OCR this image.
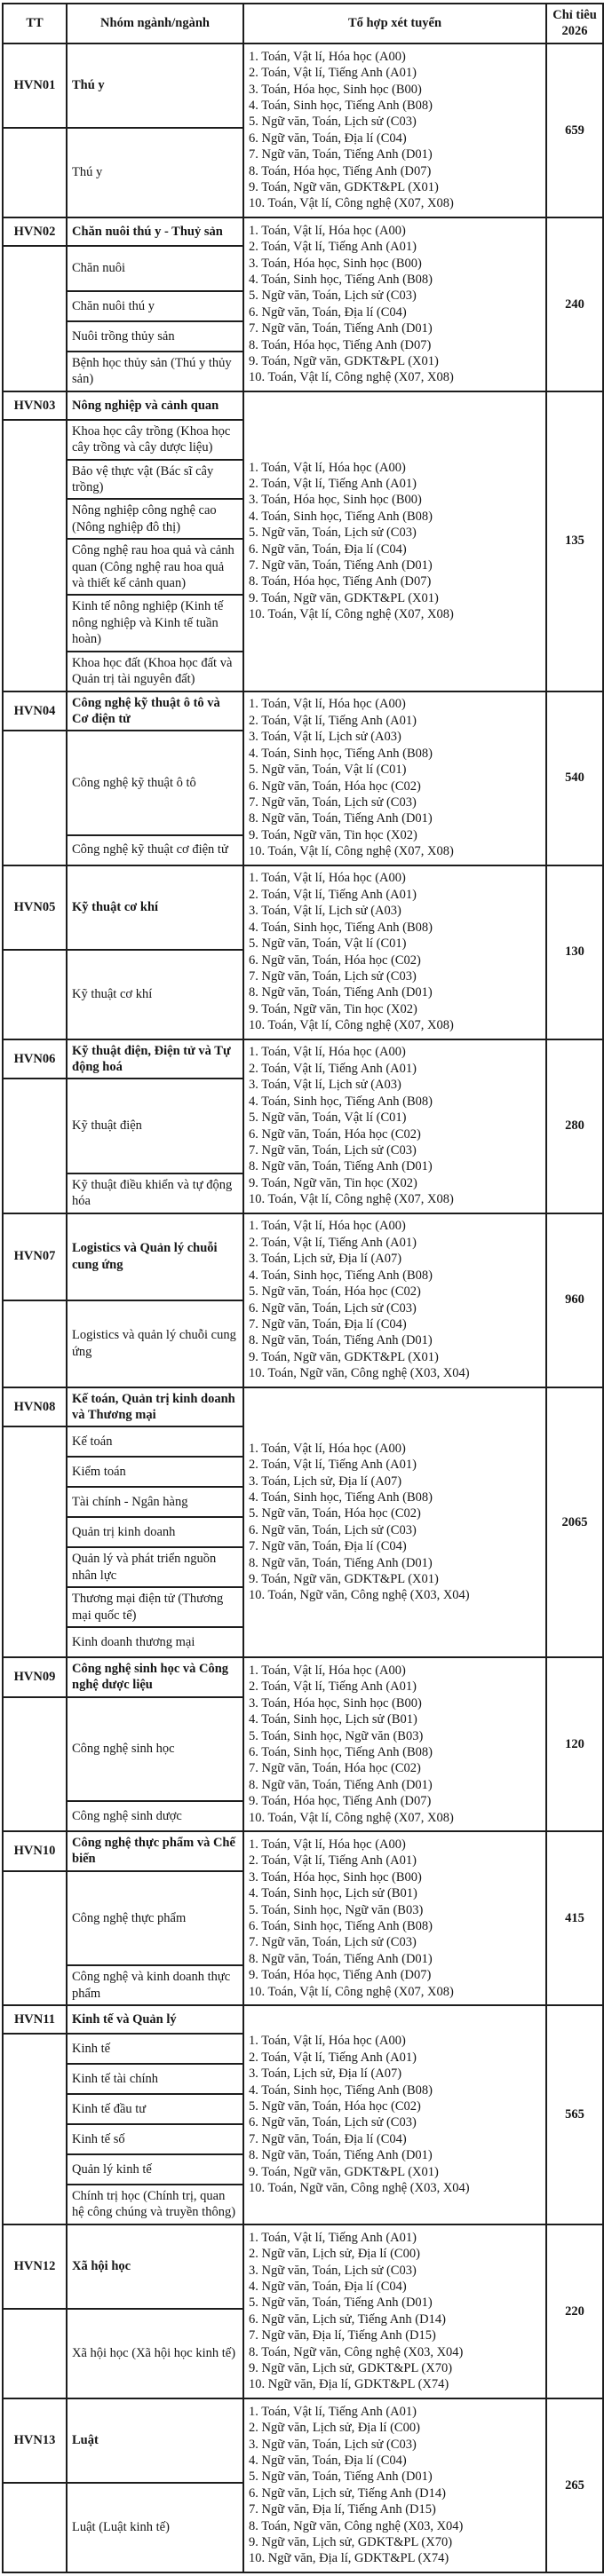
TT	Nhóm ngành/ngành	Tổ hợp xét tuyển	Chỉ tiêu 2026
HVN01	Thú y	
1. Toán, Vật lí, Hóa học (A00)
2. Toán, Vật lí, Tiếng Anh (A01)
3. Toán, Hóa học, Sinh học (B00)
4. Toán, Sinh học, Tiếng Anh (B08)
5. Ngữ văn, Toán, Lịch sử (C03)
6. Ngữ văn, Toán, Địa lí (C04)
7. Ngữ văn, Toán, Tiếng Anh (D01)
8. Toán, Hóa học, Tiếng Anh (D07)
9. Toán, Ngữ văn, GDKT&PL (X01)
10. Toán, Vật lí, Công nghệ (X07, X08)
	659
	Thú y		
HVN02	Chăn nuôi thú y - Thuỷ sản	1. Toán, Vật lí, Hóa học (A00)
2. Toán, Vật lí, Tiếng Anh (A01)
3. Toán, Hóa học, Sinh học (B00)
4. Toán, Sinh học, Tiếng Anh (B08)
5. Ngữ văn, Toán, Lịch sử (C03)
6. Ngữ văn, Toán, Địa lí (C04)
7. Ngữ văn, Toán, Tiếng Anh (D01)
8. Toán, Hóa học, Tiếng Anh (D07)
9. Toán, Ngữ văn, GDKT&PL (X01)
10. Toán, Vật lí, Công nghệ (X07, X08)
	240
	Chăn nuôi		
	Chăn nuôi thú y		
	Nuôi trồng thủy sản		
	Bệnh học thủy sản (Thú y thủy sản)		
HVN03	Nông nghiệp và cảnh quan	
1. Toán, Vật lí, Hóa học (A00)
2. Toán, Vật lí, Tiếng Anh (A01)
3. Toán, Hóa học, Sinh học (B00)
4. Toán, Sinh học, Tiếng Anh (B08)
5. Ngữ văn, Toán, Lịch sử (C03)
6. Ngữ văn, Toán, Địa lí (C04)
7. Ngữ văn, Toán, Tiếng Anh (D01)
8. Toán, Hóa học, Tiếng Anh (D07)
9. Toán, Ngữ văn, GDKT&PL (X01)
10. Toán, Vật lí, Công nghệ (X07, X08)
	135
	Khoa học cây trồng (Khoa học cây trồng và cây dược liệu)		
	Bảo vệ thực vật (Bác sĩ cây trồng)		
	Nông nghiệp công nghệ cao (Nông nghiệp đô thị)		
	Công nghệ rau hoa quả và cảnh quan (Công nghệ rau hoa quả và thiết kế cảnh quan)		
	Kinh tế nông nghiệp (Kinh tế nông nghiệp và Kinh tế tuần hoàn)		
	Khoa học đất (Khoa học đất và Quản trị tài nguyên đất)		
HVN04	Công nghệ kỹ thuật ô tô và Cơ điện tử	
1. Toán, Vật lí, Hóa học (A00)
2. Toán, Vật lí, Tiếng Anh (A01)
3. Toán, Vật lí, Lịch sử (A03)
4. Toán, Sinh học, Tiếng Anh (B08)
5. Ngữ văn, Toán, Vật lí (C01)
6. Ngữ văn, Toán, Hóa học (C02)
7. Ngữ văn, Toán, Lịch sử (C03)
8. Ngữ văn, Toán, Tiếng Anh (D01)
9. Toán, Ngữ văn, Tin học (X02)
10. Toán, Vật lí, Công nghệ (X07, X08)
	540
	Công nghệ kỹ thuật ô tô		
	Công nghệ kỹ thuật cơ điện tử		
HVN05	Kỹ thuật cơ khí	
1. Toán, Vật lí, Hóa học (A00)
2. Toán, Vật lí, Tiếng Anh (A01)
3. Toán, Vật lí, Lịch sử (A03)
4. Toán, Sinh học, Tiếng Anh (B08)
5. Ngữ văn, Toán, Vật lí (C01)
6. Ngữ văn, Toán, Hóa học (C02)
7. Ngữ văn, Toán, Lịch sử (C03)
8. Ngữ văn, Toán, Tiếng Anh (D01)
9. Toán, Ngữ văn, Tin học (X02)
10. Toán, Vật lí, Công nghệ (X07, X08)
	130
	Kỹ thuật cơ khí		
HVN06	Kỹ thuật điện, Điện tử và Tự động hoá	
1. Toán, Vật lí, Hóa học (A00)
2. Toán, Vật lí, Tiếng Anh (A01)
3. Toán, Vật lí, Lịch sử (A03)
4. Toán, Sinh học, Tiếng Anh (B08)
5. Ngữ văn, Toán, Vật lí (C01)
6. Ngữ văn, Toán, Hóa học (C02)
7. Ngữ văn, Toán, Lịch sử (C03)
8. Ngữ văn, Toán, Tiếng Anh (D01)
9. Toán, Ngữ văn, Tin học (X02)
10. Toán, Vật lí, Công nghệ (X07, X08)
	280
	Kỹ thuật điện		
	Kỹ thuật điều khiển và tự động hóa		
HVN07	Logistics và Quản lý chuỗi cung ứng	
1. Toán, Vật lí, Hóa học (A00)
2. Toán, Vật lí, Tiếng Anh (A01)
3. Toán, Lịch sử, Địa lí (A07)
4. Toán, Sinh học, Tiếng Anh (B08)
5. Ngữ văn, Toán, Hóa học (C02)
6. Ngữ văn, Toán, Lịch sử (C03)
7. Ngữ văn, Toán, Địa lí (C04)
8. Ngữ văn, Toán, Tiếng Anh (D01)
9. Toán, Ngữ văn, GDKT&PL (X01)
10. Toán, Ngữ văn, Công nghệ (X03, X04)
	960
	Logistics và quản lý chuỗi cung ứng		
HVN08	Kế toán, Quản trị kinh doanh và Thương mại	
1. Toán, Vật lí, Hóa học (A00)
2. Toán, Vật lí, Tiếng Anh (A01)
3. Toán, Lịch sử, Địa lí (A07)
4. Toán, Sinh học, Tiếng Anh (B08)
5. Ngữ văn, Toán, Hóa học (C02)
6. Ngữ văn, Toán, Lịch sử (C03)
7. Ngữ văn, Toán, Địa lí (C04)
8. Ngữ văn, Toán, Tiếng Anh (D01)
9. Toán, Ngữ văn, GDKT&PL (X01)
10. Toán, Ngữ văn, Công nghệ (X03, X04)
	2065
	Kế toán		
	Kiểm toán		
	Tài chính - Ngân hàng		
	Quản trị kinh doanh		
	Quản lý và phát triển nguồn nhân lực		
	Thương mại điện tử (Thương mại quốc tế)		
	Kinh doanh thương mại		
HVN09	Công nghệ sinh học và Công nghệ dược liệu	
1. Toán, Vật lí, Hóa học (A00)
2. Toán, Vật lí, Tiếng Anh (A01)
3. Toán, Hóa học, Sinh học (B00)
4. Toán, Sinh học, Lịch sử (B01)
5. Toán, Sinh học, Ngữ văn (B03)
6. Toán, Sinh học, Tiếng Anh (B08)
7. Ngữ văn, Toán, Hóa học (C02)
8. Ngữ văn, Toán, Tiếng Anh (D01)
9. Toán, Hóa học, Tiếng Anh (D07)
10. Toán, Vật lí, Công nghệ (X07, X08)
	120
	Công nghệ sinh học		
	Công nghệ sinh dược		
HVN10	Công nghệ thực phẩm và Chế biến	
1. Toán, Vật lí, Hóa học (A00)
2. Toán, Vật lí, Tiếng Anh (A01)
3. Toán, Hóa học, Sinh học (B00)
4. Toán, Sinh học, Lịch sử (B01)
5. Toán, Sinh học, Ngữ văn (B03)
6. Toán, Sinh học, Tiếng Anh (B08)
7. Ngữ văn, Toán, Lịch sử (C03)
8. Ngữ văn, Toán, Tiếng Anh (D01)
9. Toán, Hóa học, Tiếng Anh (D07)
10. Toán, Vật lí, Công nghệ (X07, X08)
	415
	Công nghệ thực phẩm		
	Công nghệ và kinh doanh thực phẩm		
HVN11	Kinh tế và Quản lý	
1. Toán, Vật lí, Hóa học (A00)
2. Toán, Vật lí, Tiếng Anh (A01)
3. Toán, Lịch sử, Địa lí (A07)
4. Toán, Sinh học, Tiếng Anh (B08)
5. Ngữ văn, Toán, Hóa học (C02)
6. Ngữ văn, Toán, Lịch sử (C03)
7. Ngữ văn, Toán, Địa lí (C04)
8. Ngữ văn, Toán, Tiếng Anh (D01)
9. Toán, Ngữ văn, GDKT&PL (X01)
10. Toán, Ngữ văn, Công nghệ (X03, X04)
	565
	Kinh tế		
	Kinh tế tài chính		
	Kinh tế đầu tư		
	Kinh tế số		
	Quản lý kinh tế		
	Chính trị học (Chính trị, quan hệ công chúng và truyền thông)		
HVN12	Xã hội học	
1. Toán, Vật lí, Tiếng Anh (A01)
2. Ngữ văn, Lịch sử, Địa lí (C00)
3. Ngữ văn, Toán, Lịch sử (C03)
4. Ngữ văn, Toán, Địa lí (C04)
5. Ngữ văn, Toán, Tiếng Anh (D01)
6. Ngữ văn, Lịch sử, Tiếng Anh (D14)
7. Ngữ văn, Địa lí, Tiếng Anh (D15)
8. Toán, Ngữ văn, Công nghệ (X03, X04)
9. Ngữ văn, Lịch sử, GDKT&PL (X70)
10. Ngữ văn, Địa lí, GDKT&PL (X74)
	220
	Xã hội học (Xã hội học kinh tế)		
HVN13	Luật	
1. Toán, Vật lí, Tiếng Anh (A01)
2. Ngữ văn, Lịch sử, Địa lí (C00)
3. Ngữ văn, Toán, Lịch sử (C03)
4. Ngữ văn, Toán, Địa lí (C04)
5. Ngữ văn, Toán, Tiếng Anh (D01)
6. Ngữ văn, Lịch sử, Tiếng Anh (D14)
7. Ngữ văn, Địa lí, Tiếng Anh (D15)
8. Toán, Ngữ văn, Công nghệ (X03, X04)
9. Ngữ văn, Lịch sử, GDKT&PL (X70)
10. Ngữ văn, Địa lí, GDKT&PL (X74)
	265
	Luật (Luật kinh tế)		
